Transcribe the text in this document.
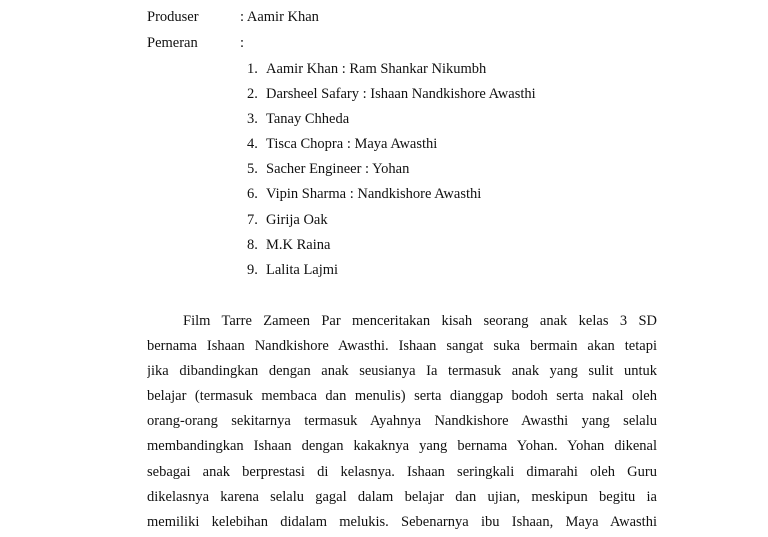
Produser	: Aamir Khan
Pemeran	:
1. Aamir Khan : Ram Shankar Nikumbh
2. Darsheel Safary : Ishaan Nandkishore Awasthi
3. Tanay Chheda
4. Tisca Chopra : Maya Awasthi
5. Sacher Engineer : Yohan
6. Vipin Sharma : Nandkishore Awasthi
7. Girija Oak
8. M.K Raina
9. Lalita Lajmi
Film Tarre Zameen Par menceritakan kisah seorang anak kelas 3 SD
bernama Ishaan Nandkishore Awasthi. Ishaan sangat suka bermain akan tetapi
jika dibandingkan dengan anak seusianya Ia termasuk anak yang sulit untuk
belajar (termasuk membaca dan menulis) serta dianggap bodoh serta nakal oleh
orang-orang sekitarnya termasuk Ayahnya Nandkishore Awasthi yang selalu
membandingkan Ishaan dengan kakaknya yang bernama Yohan. Yohan dikenal
sebagai anak berprestasi di kelasnya. Ishaan seringkali dimarahi oleh Guru
dikelasnya karena selalu gagal dalam belajar dan ujian, meskipun begitu ia
memiliki kelebihan didalam melukis. Sebenarnya ibu Ishaan, Maya Awasthi
